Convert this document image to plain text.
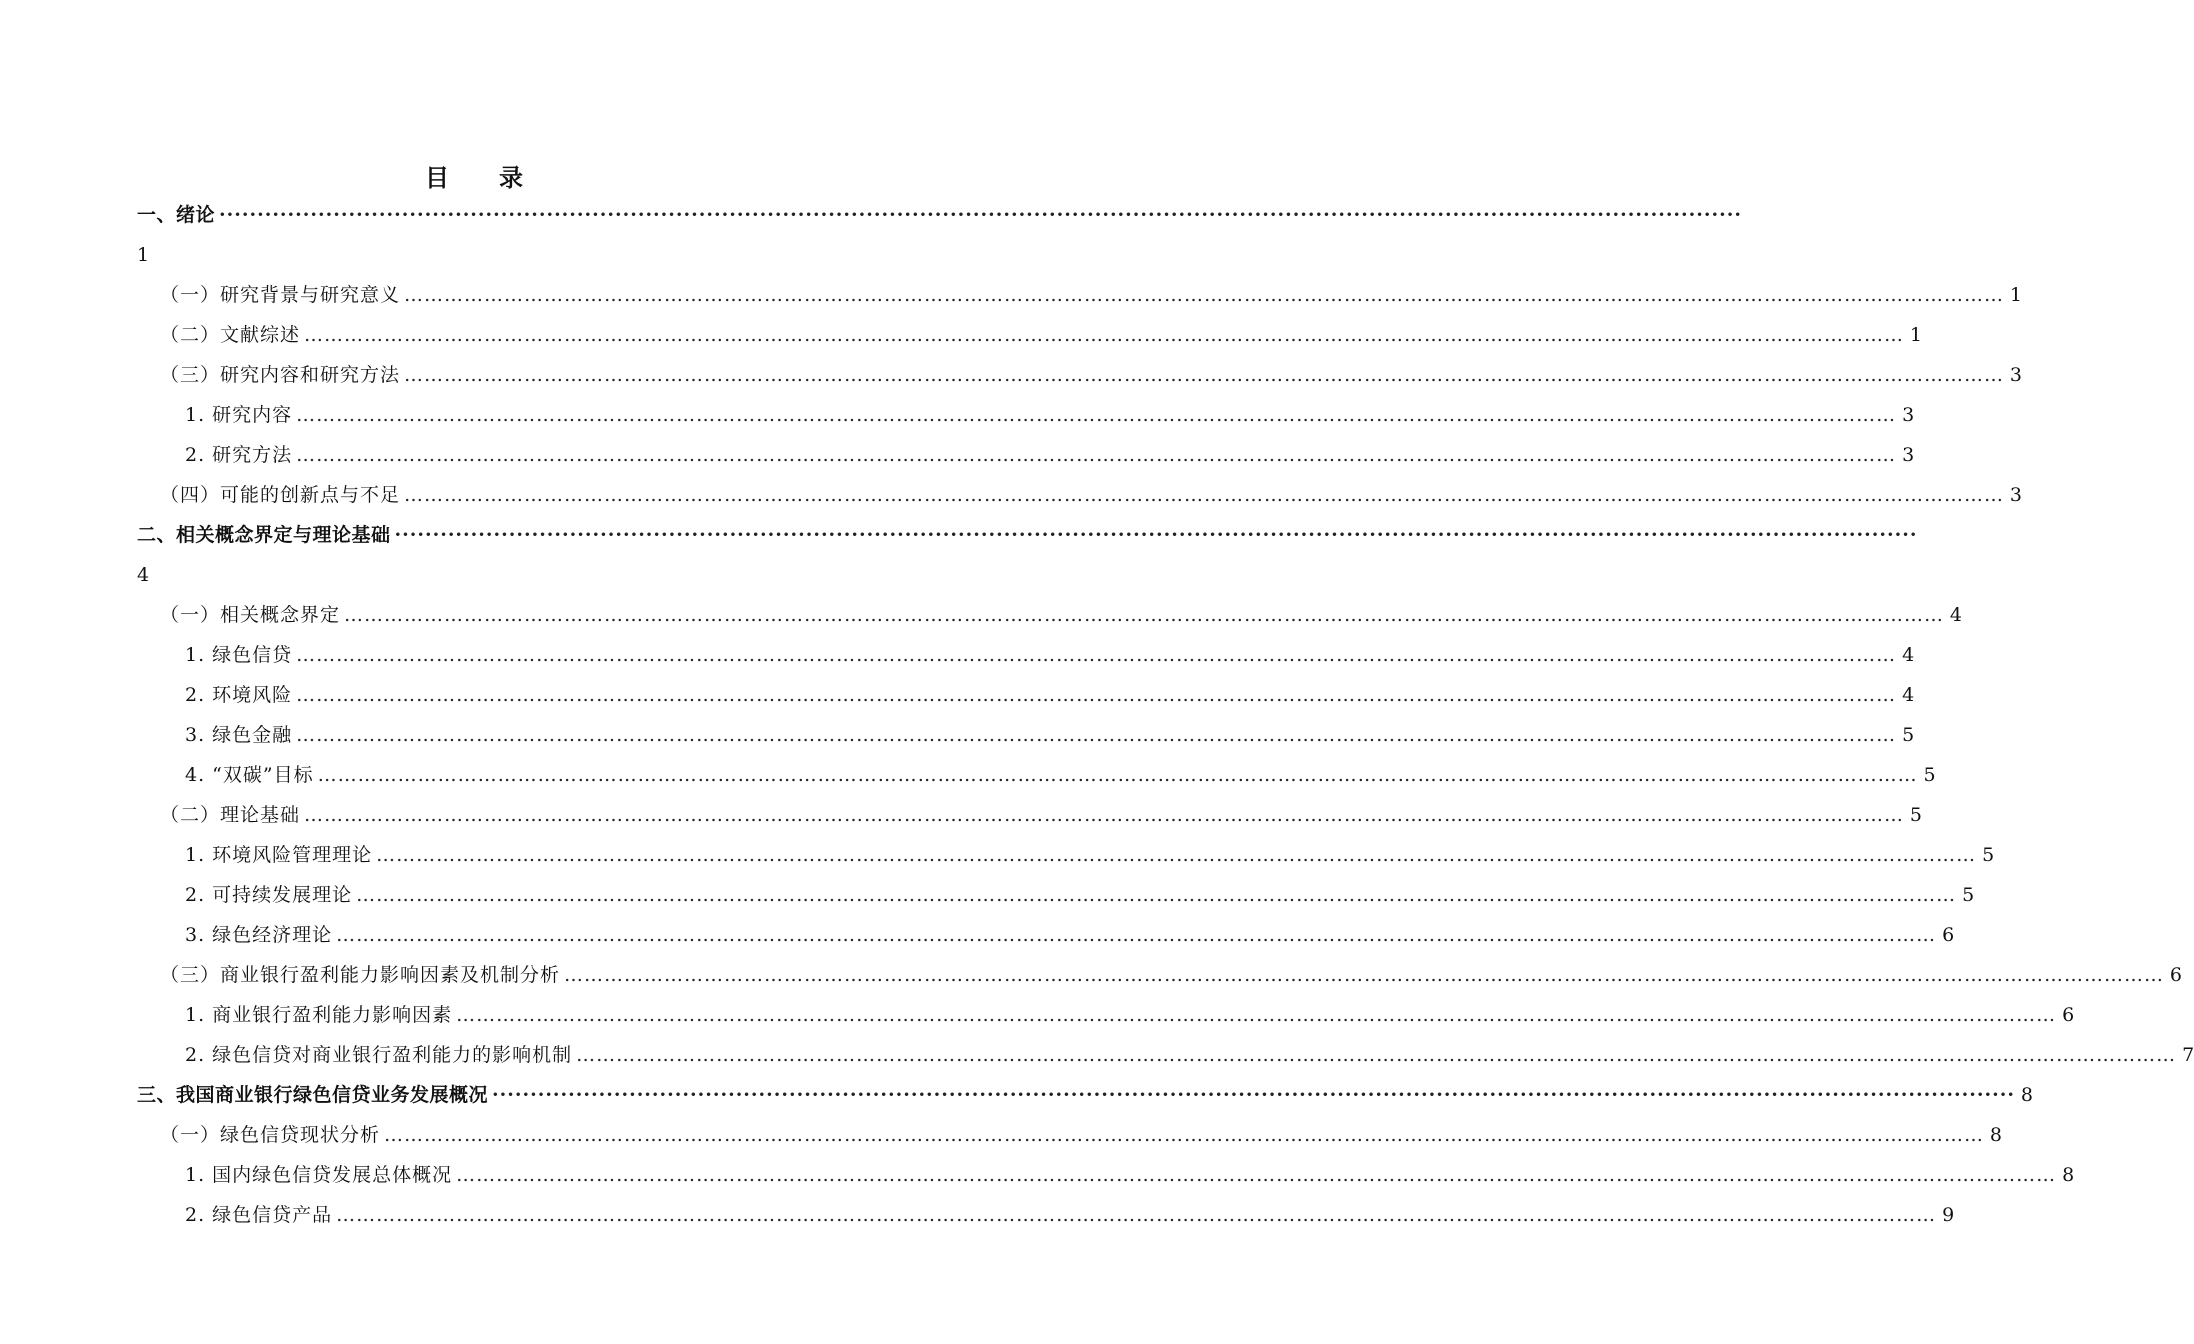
目 录
一、绪论 ········································································································································································································
1
（一）研究背景与研究意义 …………………………………………………………………………………………………………………………………………………………………………………………………………………… 1
（二）文献综述 …………………………………………………………………………………………………………………………………………………………………………………………………………………… 1
（三）研究内容和研究方法 …………………………………………………………………………………………………………………………………………………………………………………………………………………… 3
1. 研究内容 …………………………………………………………………………………………………………………………………………………………………………………………………………………… 3
2. 研究方法 …………………………………………………………………………………………………………………………………………………………………………………………………………………… 3
（四）可能的创新点与不足 …………………………………………………………………………………………………………………………………………………………………………………………………………………… 3
二、相关概念界定与理论基础 ········································································································································································································
4
（一）相关概念界定 …………………………………………………………………………………………………………………………………………………………………………………………………………………… 4
1. 绿色信贷 …………………………………………………………………………………………………………………………………………………………………………………………………………………… 4
2. 环境风险 …………………………………………………………………………………………………………………………………………………………………………………………………………………… 4
3. 绿色金融 …………………………………………………………………………………………………………………………………………………………………………………………………………………… 5
4. “双碳”目标 …………………………………………………………………………………………………………………………………………………………………………………………………………………… 5
（二）理论基础 …………………………………………………………………………………………………………………………………………………………………………………………………………………… 5
1. 环境风险管理理论 …………………………………………………………………………………………………………………………………………………………………………………………………………………… 5
2. 可持续发展理论 …………………………………………………………………………………………………………………………………………………………………………………………………………………… 5
3. 绿色经济理论 …………………………………………………………………………………………………………………………………………………………………………………………………………………… 6
（三）商业银行盈利能力影响因素及机制分析 …………………………………………………………………………………………………………………………………………………………………………………………………………………… 6
1. 商业银行盈利能力影响因素 …………………………………………………………………………………………………………………………………………………………………………………………………………………… 6
2. 绿色信贷对商业银行盈利能力的影响机制 …………………………………………………………………………………………………………………………………………………………………………………………………………………… 7
三、我国商业银行绿色信贷业务发展概况 ········································································································································································································ 8
（一）绿色信贷现状分析 …………………………………………………………………………………………………………………………………………………………………………………………………………………… 8
1. 国内绿色信贷发展总体概况 …………………………………………………………………………………………………………………………………………………………………………………………………………………… 8
2. 绿色信贷产品 …………………………………………………………………………………………………………………………………………………………………………………………………………………… 9
